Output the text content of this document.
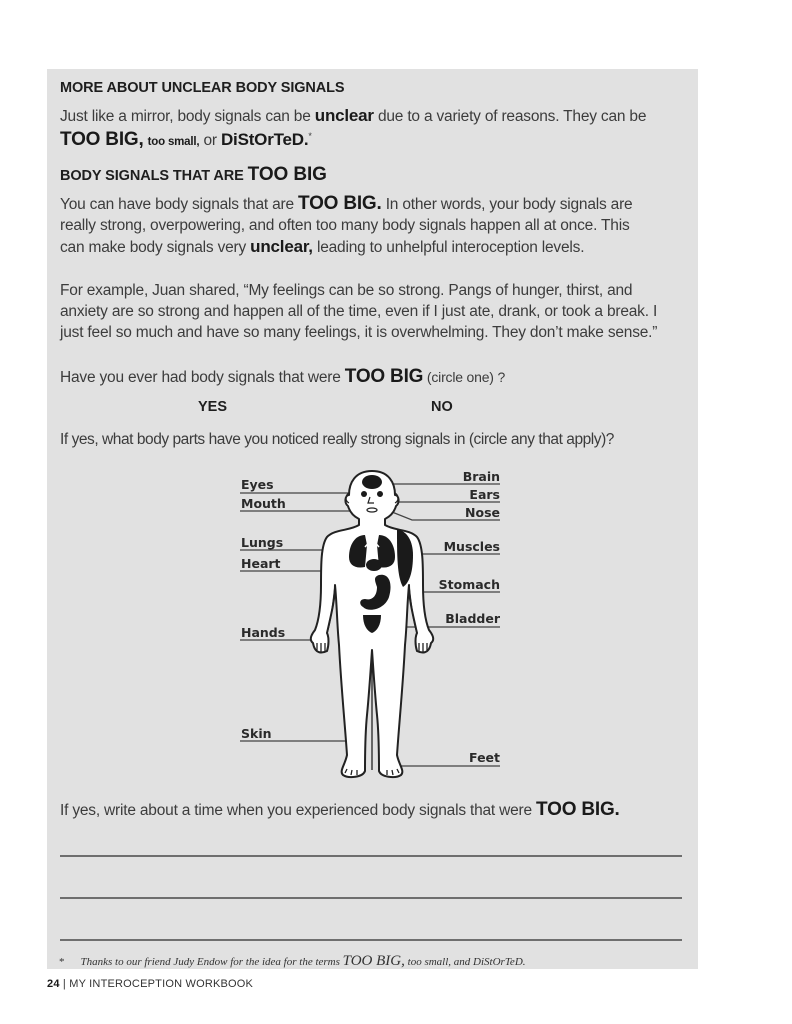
MORE ABOUT UNCLEAR BODY SIGNALS
Just like a mirror, body signals can be unclear due to a variety of reasons. They can be
TOO BIG, too small, or DiStOrTeD.*
BODY SIGNALS THAT ARE TOO BIG
You can have body signals that are TOO BIG. In other words, your body signals are
really strong, overpowering, and often too many body signals happen all at once. This
can make body signals very unclear, leading to unhelpful interoception levels.
For example, Juan shared, “My feelings can be so strong. Pangs of hunger, thirst, and
anxiety are so strong and happen all of the time, even if I just ate, drank, or took a break. I
just feel so much and have so many feelings, it is overwhelming. They don’t make sense.”
Have you ever had body signals that were TOO BIG (circle one) ?
YES	NO
If yes, what body parts have you noticed really strong signals in (circle any that apply)?
Eyes
Mouth
Lungs
Heart
Hands
Skin
Brain
Ears
Nose
Muscles
Stomach
Bladder
Feet
If yes, write about a time when you experienced body signals that were TOO BIG.
* Thanks to our friend Judy Endow for the idea for the terms TOO BIG, too small, and DiStOrTeD.
24 | MY INTEROCEPTION WORKBOOK
